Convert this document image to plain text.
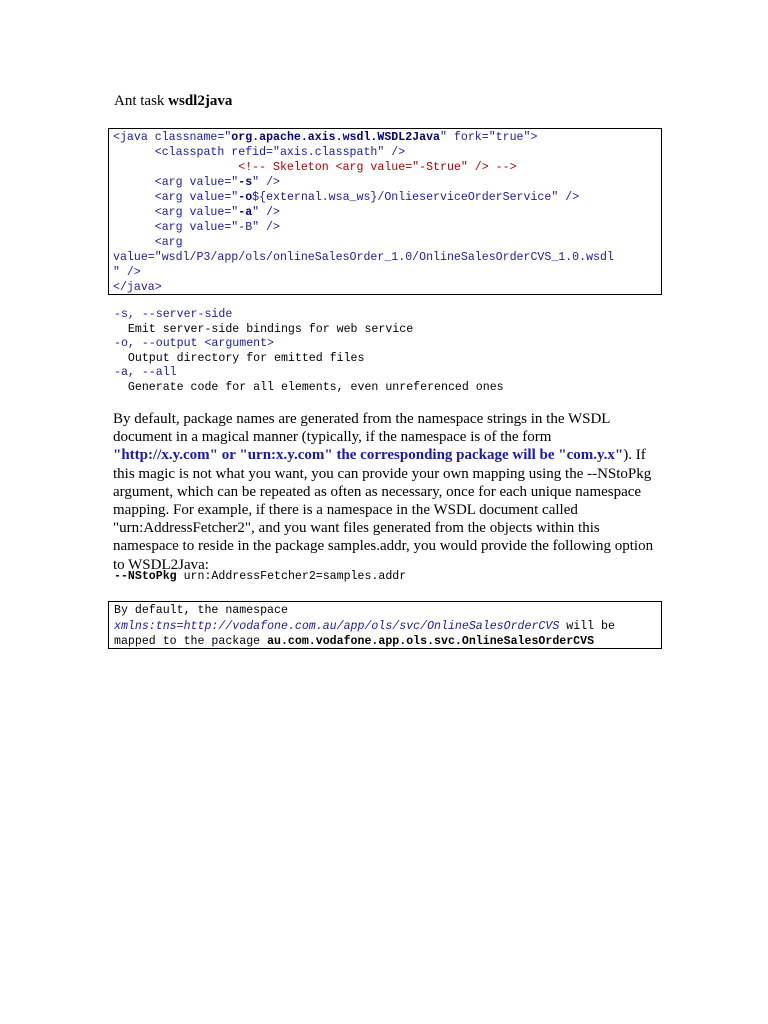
Ant task wsdl2java
<java classname="org.apache.axis.wsdl.WSDL2Java" fork="true">
<classpath refid="axis.classpath" />
<!-- Skeleton <arg value="-Strue" /> -->
<arg value="-s" />
<arg value="-o${external.wsa_ws}/OnlieserviceOrderService" />
<arg value="-a" />
<arg value="-B" />
<arg
value="wsdl/P3/app/ols/onlineSalesOrder_1.0/OnlineSalesOrderCVS_1.0.wsdl
" />
</java>
-s, --server-side
Emit server-side bindings for web service
-o, --output <argument>
Output directory for emitted files
-a, --all
Generate code for all elements, even unreferenced ones

By default, package names are generated from the namespace strings in the WSDL document in a magical manner (typically, if the namespace is of the form "http://x.y.com" or "urn:x.y.com" the corresponding package will be "com.y.x"). If this magic is not what you want, you can provide your own mapping using the --NStoPkg argument, which can be repeated as often as necessary, once for each unique namespace mapping. For example, if there is a namespace in the WSDL document called "urn:AddressFetcher2", and you want files generated from the objects within this namespace to reside in the package samples.addr, you would provide the following option to WSDL2Java:

--NStoPkg urn:AddressFetcher2=samples.addr
By default, the namespace
xmlns:tns=http://vodafone.com.au/app/ols/svc/OnlineSalesOrderCVS will be
mapped to the package au.com.vodafone.app.ols.svc.OnlineSalesOrderCVS
